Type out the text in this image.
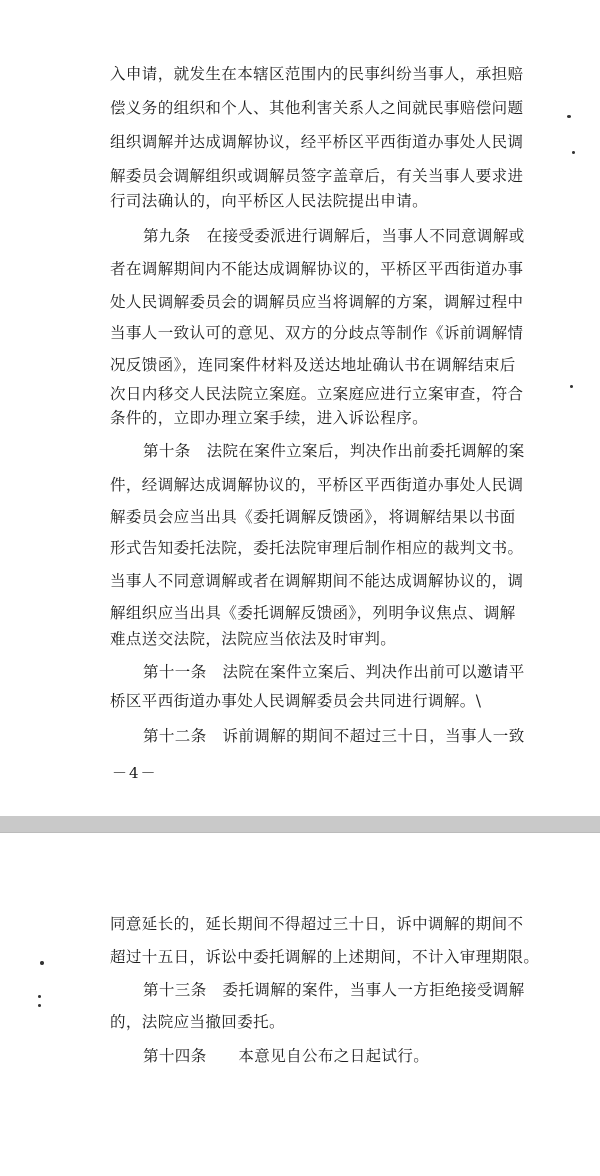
入申请，就发生在本辖区范围内的民事纠纷当事人，承担赔
偿义务的组织和个人、其他利害关系人之间就民事赔偿问题
组织调解并达成调解协议，经平桥区平西街道办事处人民调
解委员会调解组织或调解员签字盖章后，有关当事人要求进
行司法确认的，向平桥区人民法院提出申请。
第九条　在接受委派进行调解后，当事人不同意调解或
者在调解期间内不能达成调解协议的，平桥区平西街道办事
处人民调解委员会的调解员应当将调解的方案，调解过程中
当事人一致认可的意见、双方的分歧点等制作《诉前调解情
况反馈函》，连同案件材料及送达地址确认书在调解结束后
次日内移交人民法院立案庭。立案庭应进行立案审查，符合
条件的，立即办理立案手续，进入诉讼程序。
第十条　法院在案件立案后，判决作出前委托调解的案
件，经调解达成调解协议的，平桥区平西街道办事处人民调
解委员会应当出具《委托调解反馈函》，将调解结果以书面
形式告知委托法院，委托法院审理后制作相应的裁判文书。
当事人不同意调解或者在调解期间不能达成调解协议的，调
解组织应当出具《委托调解反馈函》，列明争议焦点、调解
难点送交法院，法院应当依法及时审判。
第十一条　法院在案件立案后、判决作出前可以邀请平
桥区平西街道办事处人民调解委员会共同进行调解。\
第十二条　诉前调解的期间不超过三十日，当事人一致
－4－
同意延长的，延长期间不得超过三十日，诉中调解的期间不
超过十五日，诉讼中委托调解的上述期间，不计入审理期限。
第十三条　委托调解的案件，当事人一方拒绝接受调解
的，法院应当撤回委托。
第十四条　　本意见自公布之日起试行。
